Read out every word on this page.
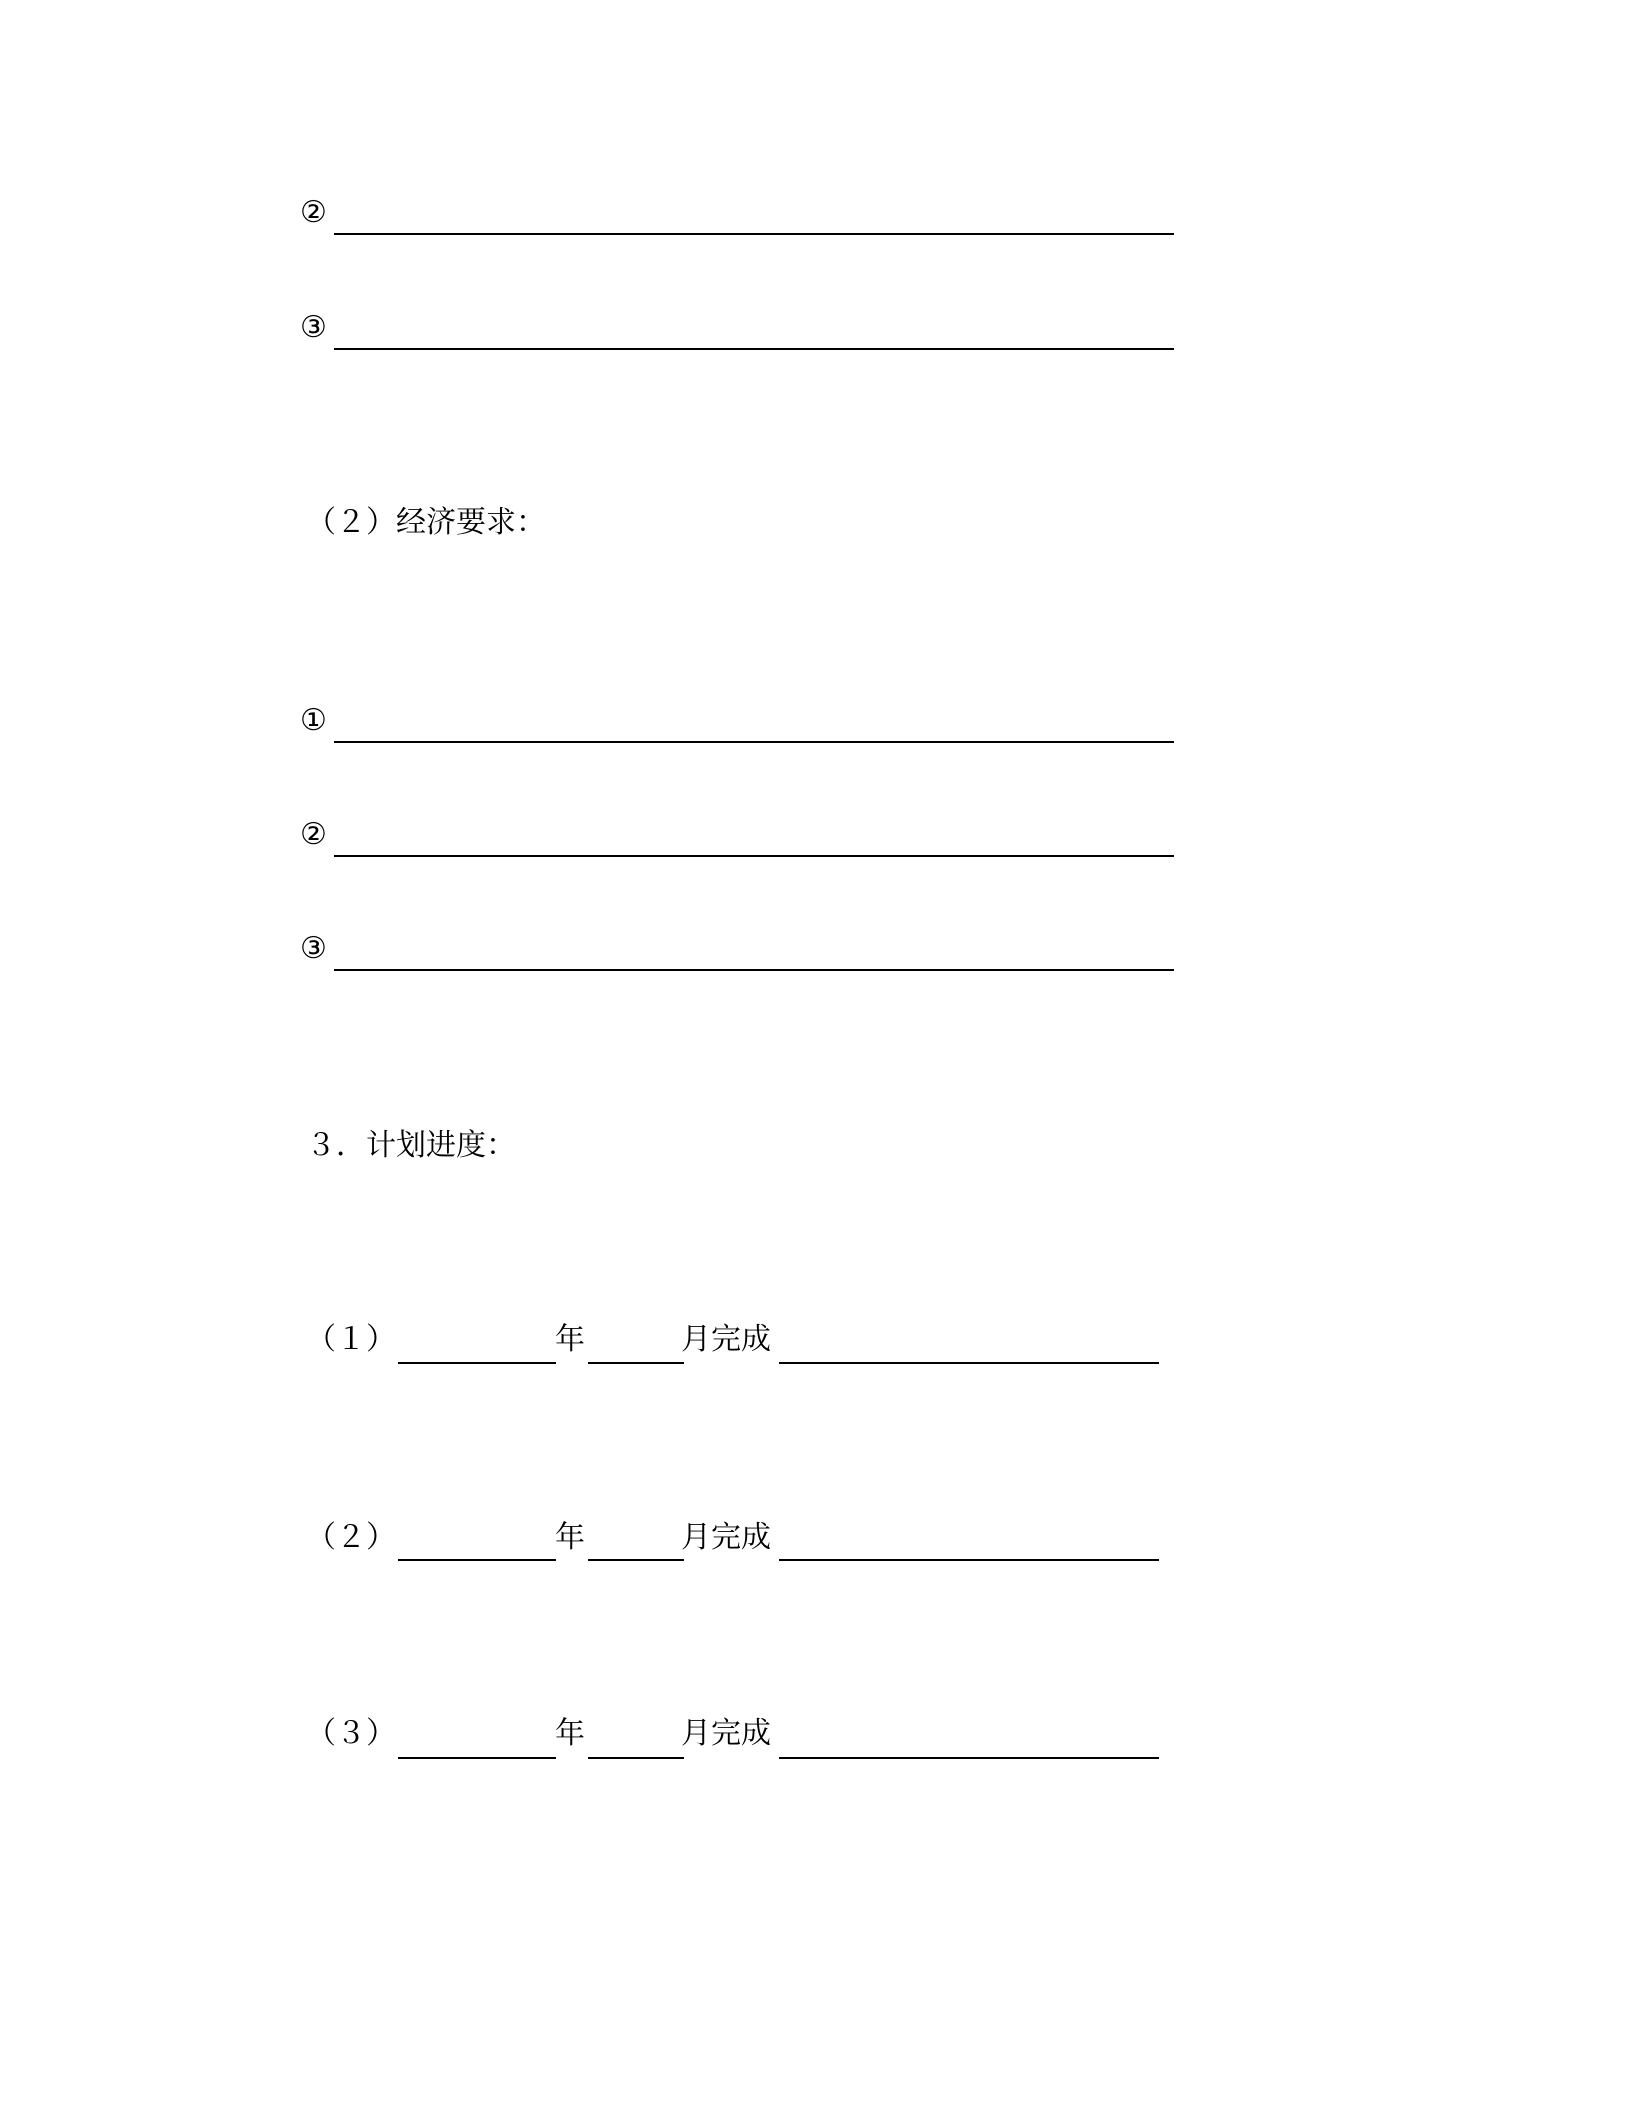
②
③
（２）经济要求：
①
②
③
３．计划进度：
（１）	年	月完成
（２）	年	月完成
（３）	年	月完成
